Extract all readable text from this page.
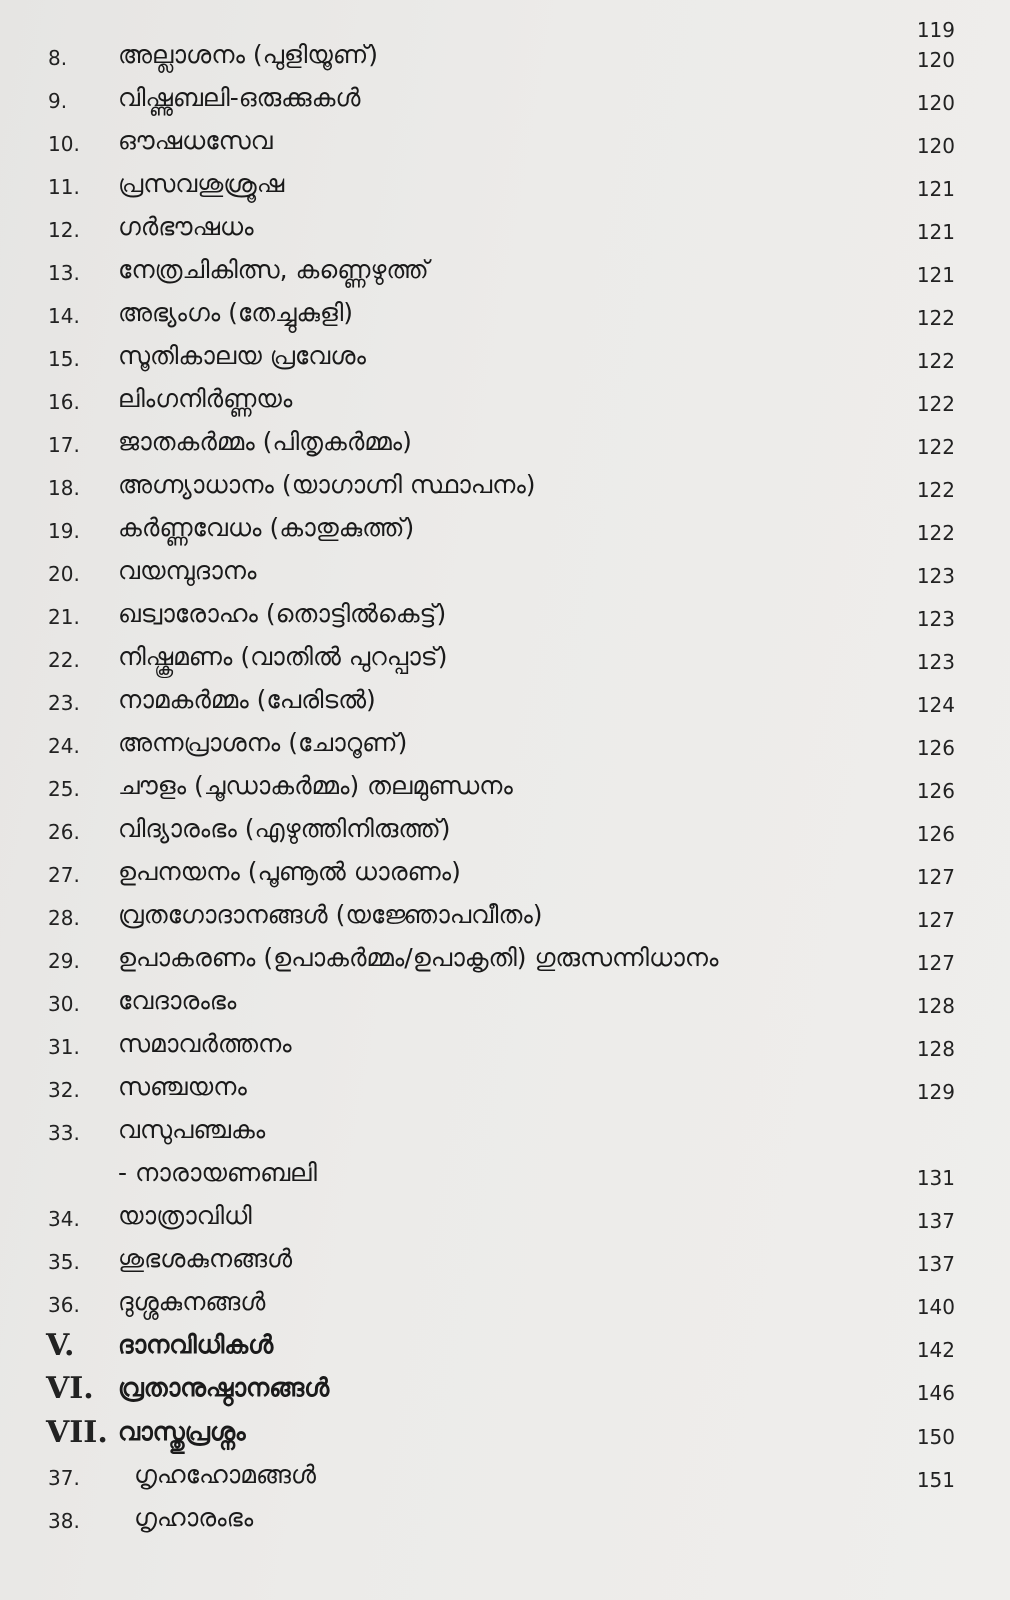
119
8. അല്ലാശനം (പുളിയൂണ്)	120
9. വിഷ്ണുബലി-ഒരുക്കുകൾ	120
10. ഔഷധസേവ	120
11. പ്രസവശുശ്രൂഷ	121
12. ഗർഭൗഷധം	121
13. നേത്രചികിത്സ, കണ്ണെഴുത്ത്	121
14. അഭ്യംഗം (തേച്ചുകുളി)	122
15. സൂതികാലയ പ്രവേശം	122
16. ലിംഗനിർണ്ണയം	122
17. ജാതകർമ്മം (പിതൃകർമ്മം)	122
18. അഗ്ന്യാധാനം (യാഗാഗ്നി സ്ഥാപനം)	122
19. കർണ്ണവേധം (കാതുകുത്ത്)	122
20. വയമ്പുദാനം	123
21. ഖട്വാരോഹം (തൊട്ടിൽകെട്ട്)	123
22. നിഷ്ക്രമണം (വാതിൽ പുറപ്പാട്)	123
23. നാമകർമ്മം (പേരിടൽ)	124
24. അന്നപ്രാശനം (ചോറൂണ്)	126
25. ചൗളം (ചൂഡാകർമ്മം) തലമുണ്ഡനം	126
26. വിദ്യാരംഭം (എഴുത്തിനിരുത്ത്)	126
27. ഉപനയനം (പൂണൂൽ ധാരണം)	127
28. വ്രതഗോദാനങ്ങൾ (യജ്ഞോപവീതം)	127
29. ഉപാകരണം (ഉപാകർമ്മം/ഉപാകൃതി) ഗുരുസന്നിധാനം	127
30. വേദാരംഭം	128
31. സമാവർത്തനം	128
32. സഞ്ചയനം	129
33. വസുപഞ്ചകം
- നാരായണബലി	131
34. യാത്രാവിധി	137
35. ശുഭശകുനങ്ങൾ	137
36. ദുശ്ശകുനങ്ങൾ	140
V. ദാനവിധികൾ	142
VI. വ്രതാനുഷ്ഠാനങ്ങൾ	146
VII. വാസ്തുപ്രശ്നം	150
37. ഗൃഹഹോമങ്ങൾ	151
38. ഗൃഹാരംഭം
